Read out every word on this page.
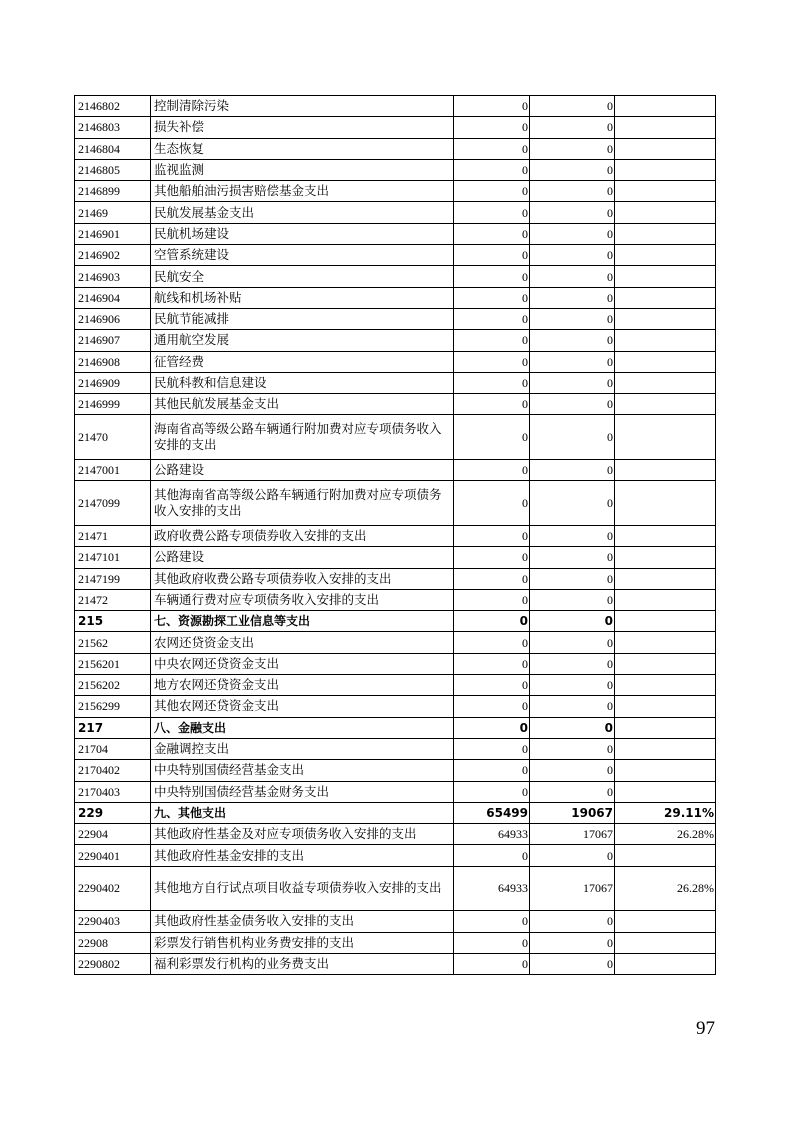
2146802	控制清除污染	0	0	
2146803	损失补偿	0	0	
2146804	生态恢复	0	0	
2146805	监视监测	0	0	
2146899	其他船舶油污损害赔偿基金支出	0	0	
21469	民航发展基金支出	0	0	
2146901	民航机场建设	0	0	
2146902	空管系统建设	0	0	
2146903	民航安全	0	0	
2146904	航线和机场补贴	0	0	
2146906	民航节能减排	0	0	
2146907	通用航空发展	0	0	
2146908	征管经费	0	0	
2146909	民航科教和信息建设	0	0	
2146999	其他民航发展基金支出	0	0	
21470	海南省高等级公路车辆通行附加费对应专项债务收入安排的支出	0	0	
2147001	公路建设	0	0	
2147099	其他海南省高等级公路车辆通行附加费对应专项债务收入安排的支出	0	0	
21471	政府收费公路专项债券收入安排的支出	0	0	
2147101	公路建设	0	0	
2147199	其他政府收费公路专项债券收入安排的支出	0	0	
21472	车辆通行费对应专项债务收入安排的支出	0	0	
215	七、资源勘探工业信息等支出	0	0	
21562	农网还贷资金支出	0	0	
2156201	中央农网还贷资金支出	0	0	
2156202	地方农网还贷资金支出	0	0	
2156299	其他农网还贷资金支出	0	0	
217	八、金融支出	0	0	
21704	金融调控支出	0	0	
2170402	中央特别国债经营基金支出	0	0	
2170403	中央特别国债经营基金财务支出	0	0	
229	九、其他支出	65499	19067	29.11%
22904	其他政府性基金及对应专项债务收入安排的支出	64933	17067	26.28%
2290401	其他政府性基金安排的支出	0	0	
2290402	其他地方自行试点项目收益专项债券收入安排的支出	64933	17067	26.28%
2290403	其他政府性基金债务收入安排的支出	0	0	
22908	彩票发行销售机构业务费安排的支出	0	0	
2290802	福利彩票发行机构的业务费支出	0	0	
97
